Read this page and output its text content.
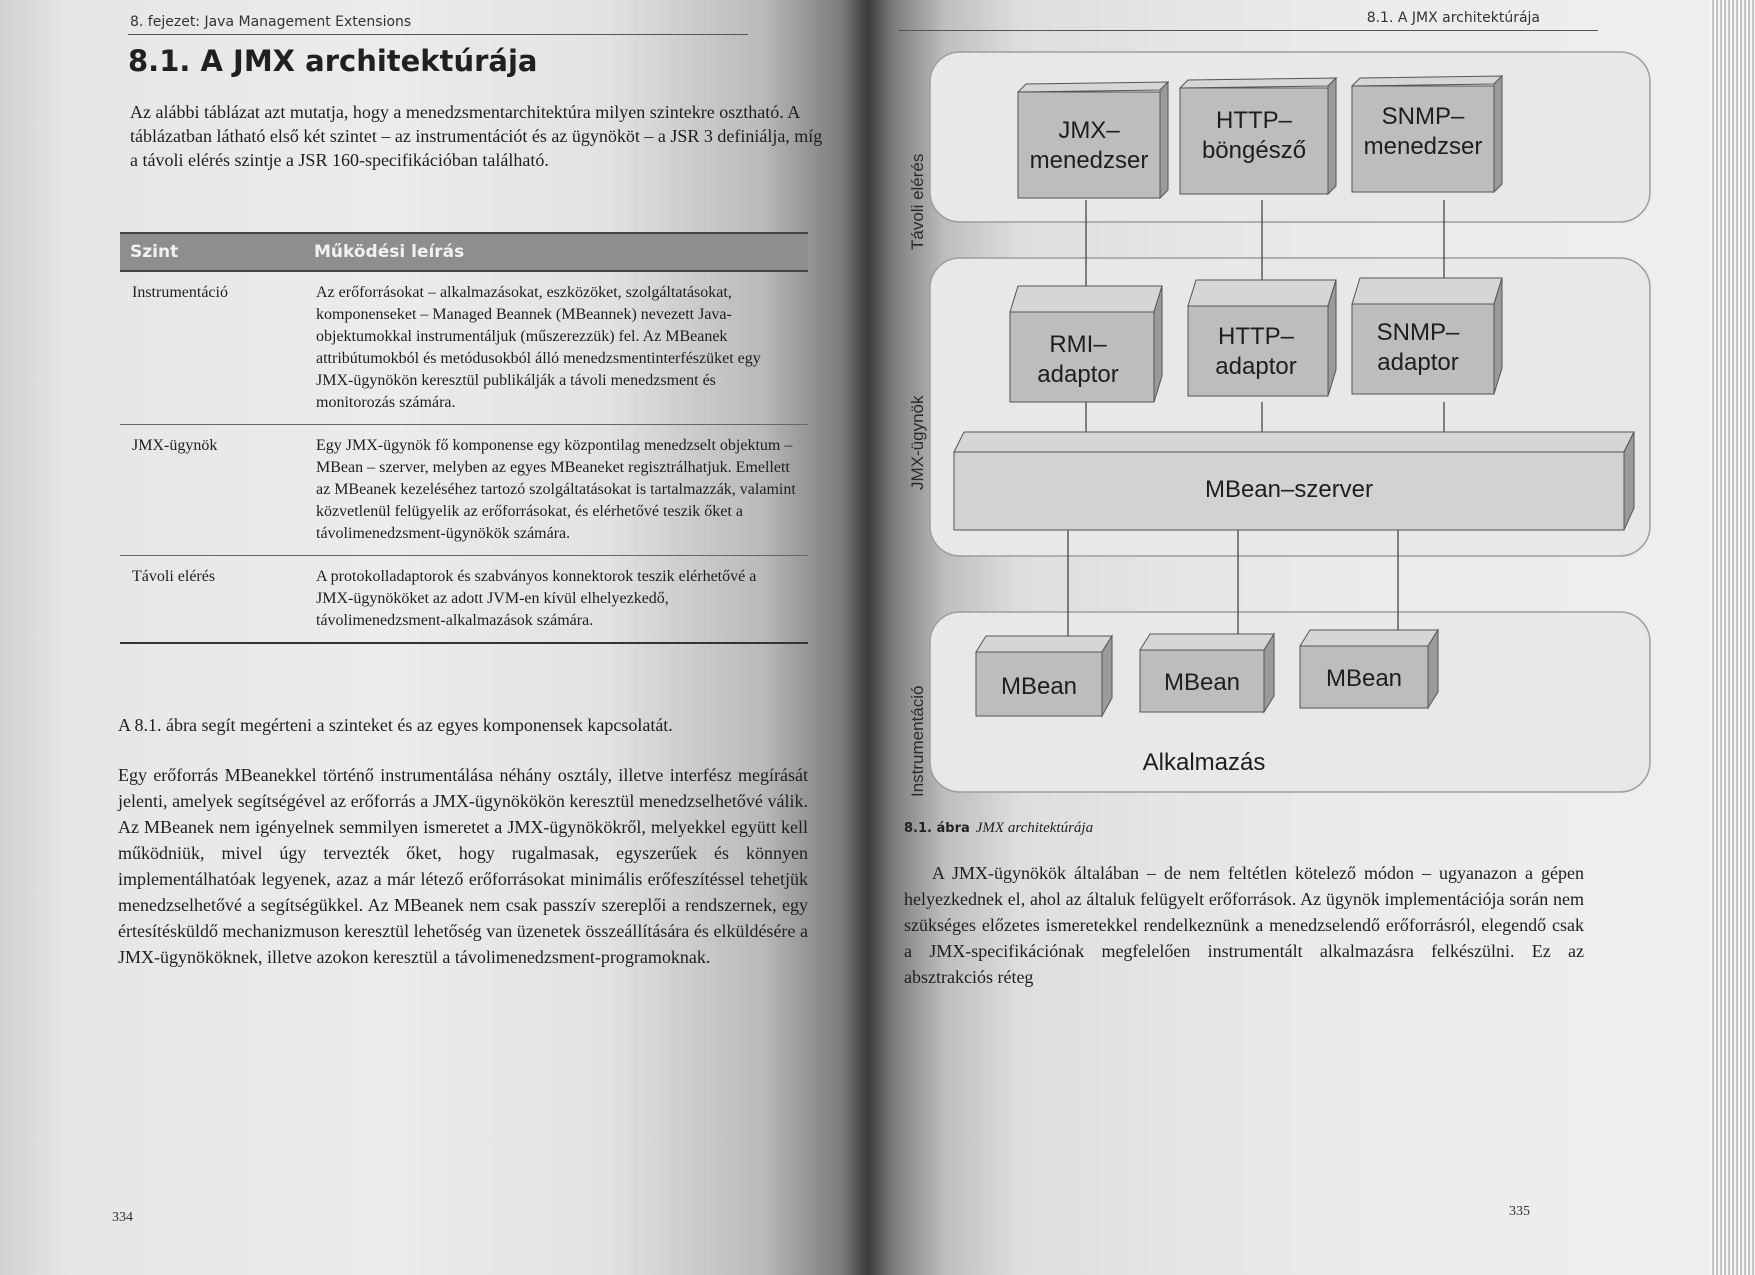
8. fejezet: Java Management Extensions
8.1. A JMX architektúrája

Az alábbi táblázat azt mutatja, hogy a menedzsmentarchitektúra milyen szintekre osztható. A táblázatban látható első két szintet – az instrumentációt és az ügynököt – a JSR 3 definiálja, míg a távoli elérés szintje a JSR 160-specifikációban található.

Szint	Működési leírás
Instrumentáció	Az erőforrásokat – alkalmazásokat, eszközöket, szolgáltatásokat, komponenseket – Managed Beannek (MBeannek) nevezett Java-objektumokkal instrumentáljuk (műszerezzük) fel. Az MBeanek attribútumokból és metódusokból álló menedzsmentinterfészüket egy JMX-ügynökön keresztül publikálják a távoli menedzsment és monitorozás számára.
JMX-ügynök	Egy JMX-ügynök fő komponense egy központilag menedzselt objektum – MBean – szerver, melyben az egyes MBeaneket regisztrálhatjuk. Emellett az MBeanek kezeléséhez tartozó szolgáltatásokat is tartalmazzák, valamint közvetlenül felügyelik az erőforrásokat, és elérhetővé teszik őket a távolimenedzsment-ügynökök számára.
Távoli elérés	A protokolladaptorok és szabványos konnektorok teszik elérhetővé a JMX-ügynököket az adott JVM-en kívül elhelyezkedő, távolimenedzsment-alkalmazások számára.

A 8.1. ábra segít megérteni a szinteket és az egyes komponensek kapcsolatát.

Egy erőforrás MBeanekkel történő instrumentálása néhány osztály, illetve interfész megírását jelenti, amelyek segítségével az erőforrás a JMX-ügynökökön keresztül menedzselhetővé válik. Az MBeanek nem igényelnek semmilyen ismeretet a JMX-ügynökökről, melyekkel együtt kell működniük, mivel úgy tervezték őket, hogy rugalmasak, egyszerűek és könnyen implementálhatóak legyenek, azaz a már létező erőforrásokat minimális erőfeszítéssel tehetjük menedzselhetővé a segítségükkel. Az MBeanek nem csak passzív szereplői a rendszernek, egy értesítésküldő mechanizmuson keresztül lehetőség van üzenetek összeállítására és elküldésére a JMX-ügynököknek, illetve azokon keresztül a távolimenedzsment-programoknak.

334
8.1. A JMX architektúrája
Távoli elérés
JMX-ügynök
Instrumentáció
JMX–
menedzser
HTTP–
böngésző
SNMP–
menedzser
RMI–
adaptor
HTTP–
adaptor
SNMP–
adaptor
MBean–szerver
MBean	MBean	MBean
Alkalmazás
8.1. ábra JMX architektúrája

A JMX-ügynökök általában – de nem feltétlen kötelező módon – ugyanazon a gépen helyezkednek el, ahol az általuk felügyelt erőforrások. Az ügynök implementációja során nem szükséges előzetes ismeretekkel rendelkeznünk a menedzselendő erőforrásról, elegendő csak a JMX-specifikációnak megfelelően instrumentált alkalmazásra felkészülni. Ez az absztrakciós réteg

335
